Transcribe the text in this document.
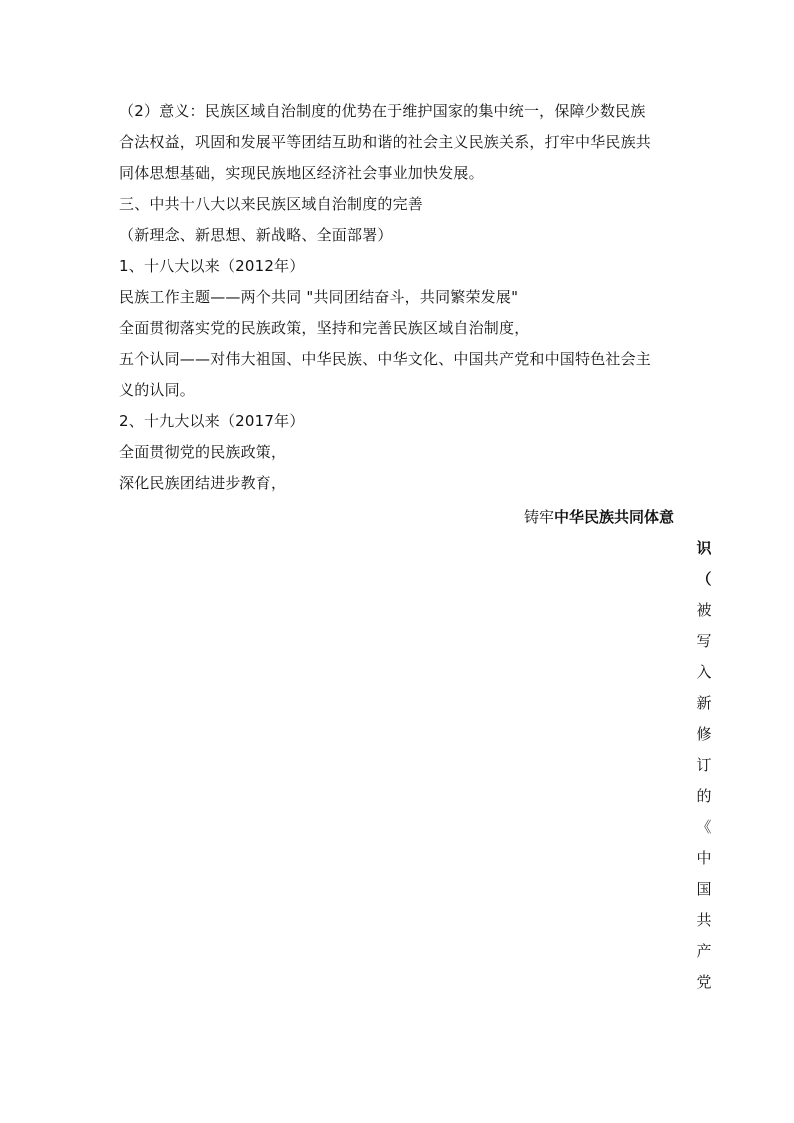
（2）意义：民族区域自治制度的优势在于维护国家的集中统一，保障少数民族
合法权益，巩固和发展平等团结互助和谐的社会主义民族关系，打牢中华民族共
同体思想基础，实现民族地区经济社会事业加快发展。
三、中共十八大以来民族区域自治制度的完善
（新理念、新思想、新战略、全面部署）
1、十八大以来（2012年）
民族工作主题——两个共同 "共同团结奋斗，共同繁荣发展"
全面贯彻落实党的民族政策，坚持和完善民族区域自治制度，
五个认同——对伟大祖国、中华民族、中华文化、中国共产党和中国特色社会主
义的认同。
2、十九大以来（2017年）
全面贯彻党的民族政策，
深化民族团结进步教育，
铸牢中华民族共同体意
识
（
被
写
入
新
修
订
的
《
中
国
共
产
党
